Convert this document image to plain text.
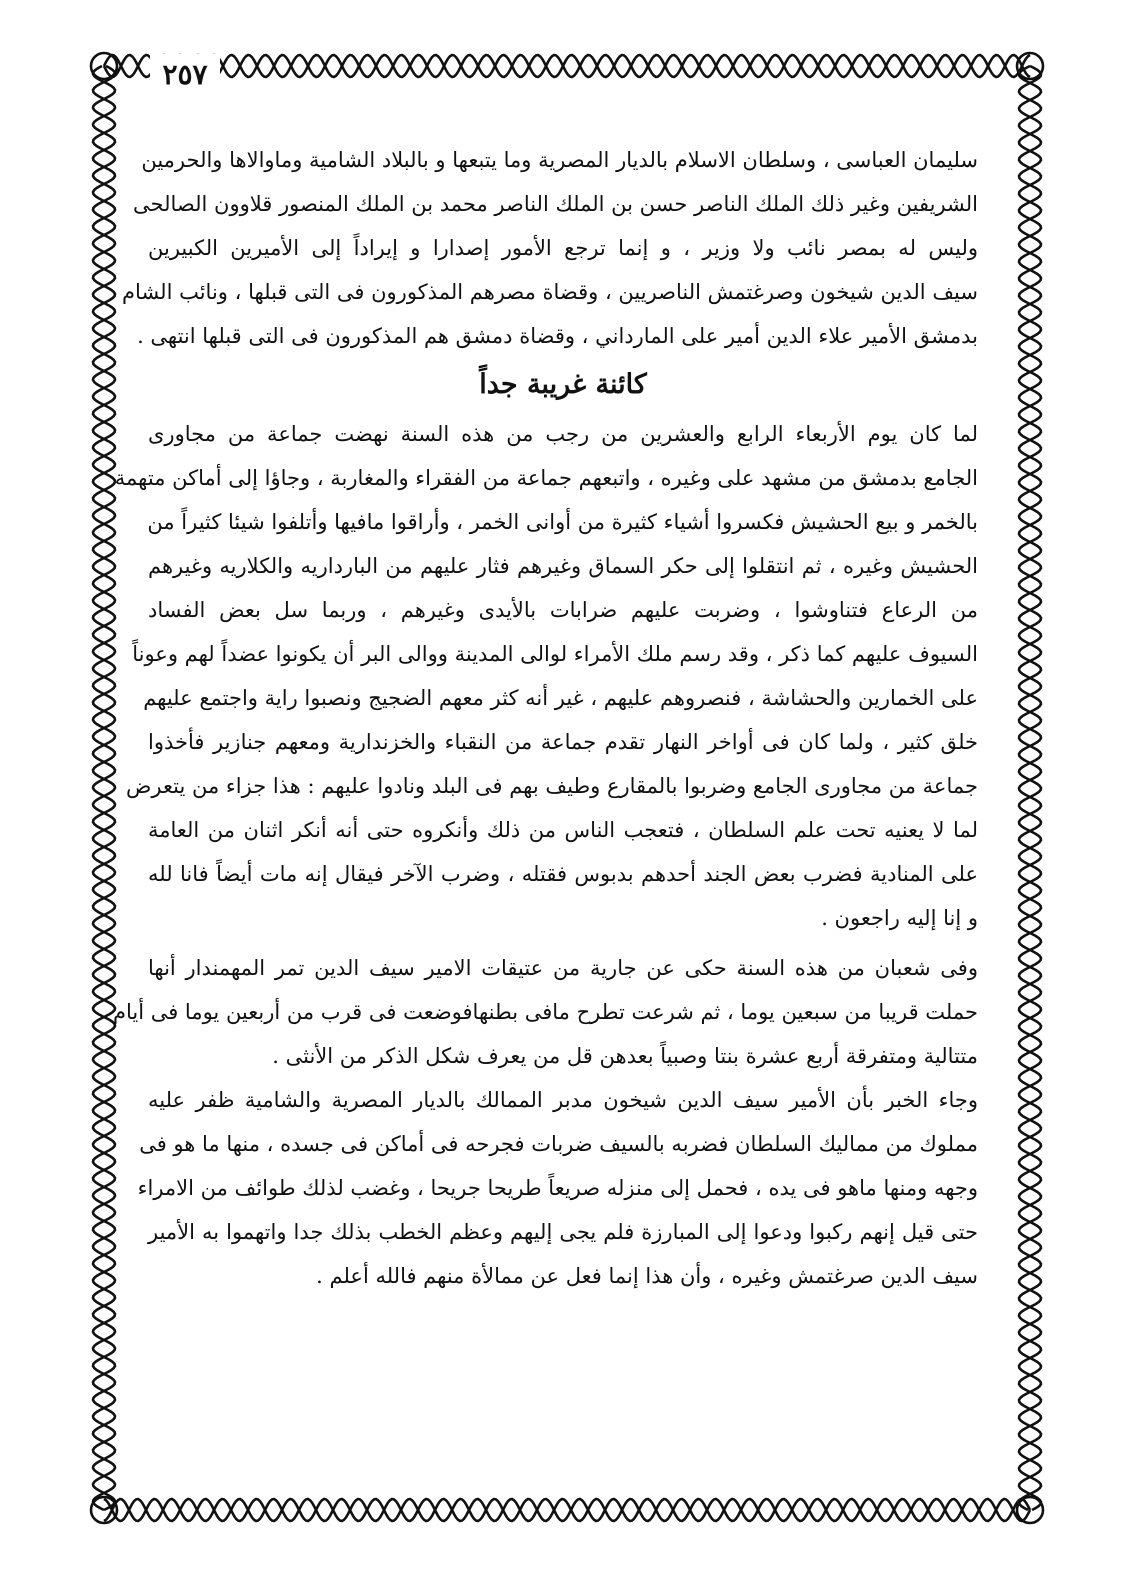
٢٥٧
سليمان العباسى ، وسلطان الاسلام بالديار المصرية وما يتبعها و بالبلاد الشامية وماوالاها والحرمين
الشريفين وغير ذلك الملك الناصر حسن بن الملك الناصر محمد بن الملك المنصور قلاوون الصالحى
وليس له بمصر نائب ولا وزير ، و إنما ترجع الأمور إصدارا و إيراداً إلى الأميرين الكبيرين
سيف الدين شيخون وصرغتمش الناصريين ، وقضاة مصرهم المذكورون فى التى قبلها ، ونائب الشام
بدمشق الأمير علاء الدين أمير على المارداني ، وقضاة دمشق هم المذكورون فى التى قبلها انتهى .
كائنة غريبة جداً
لما كان يوم الأربعاء الرابع والعشرين من رجب من هذه السنة نهضت جماعة من مجاورى
الجامع بدمشق من مشهد على وغيره ، واتبعهم جماعة من الفقراء والمغاربة ، وجاؤا إلى أماكن متهمة
بالخمر و بيع الحشيش فكسروا أشياء كثيرة من أوانى الخمر ، وأراقوا مافيها وأتلفوا شيئا كثيراً من
الحشيش وغيره ، ثم انتقلوا إلى حكر السماق وغيرهم فثار عليهم من البارداريه والكلاريه وغيرهم
من الرعاع فتناوشوا ، وضربت عليهم ضرابات بالأيدى وغيرهم ، وربما سل بعض الفساد
السيوف عليهم كما ذكر ، وقد رسم ملك الأمراء لوالى المدينة ووالى البر أن يكونوا عضداً لهم وعوناً
على الخمارين والحشاشة ، فنصروهم عليهم ، غير أنه كثر معهم الضجيج ونصبوا راية واجتمع عليهم
خلق كثير ، ولما كان فى أواخر النهار تقدم جماعة من النقباء والخزندارية ومعهم جنازير فأخذوا
جماعة من مجاورى الجامع وضربوا بالمقارع وطيف بهم فى البلد ونادوا عليهم : هذا جزاء من يتعرض
لما لا يعنيه تحت علم السلطان ، فتعجب الناس من ذلك وأنكروه حتى أنه أنكر اثنان من العامة
على المنادية فضرب بعض الجند أحدهم بدبوس فقتله ، وضرب الآخر فيقال إنه مات أيضاً فانا لله
و إنا إليه راجعون .
وفى شعبان من هذه السنة حكى عن جارية من عتيقات الامير سيف الدين تمر المهمندار أنها
حملت قريبا من سبعين يوما ، ثم شرعت تطرح مافى بطنهافوضعت فى قرب من أربعين يوما فى أيام
متتالية ومتفرقة أربع عشرة بنتا وصبياً بعدهن قل من يعرف شكل الذكر من الأنثى .
وجاء الخبر بأن الأمير سيف الدين شيخون مدبر الممالك بالديار المصرية والشامية ظفر عليه
مملوك من مماليك السلطان فضربه بالسيف ضربات فجرحه فى أماكن فى جسده ، منها ما هو فى
وجهه ومنها ماهو فى يده ، فحمل إلى منزله صريعاً طريحا جريحا ، وغضب لذلك طوائف من الامراء
حتى قيل إنهم ركبوا ودعوا إلى المبارزة فلم يجى إليهم وعظم الخطب بذلك جدا واتهموا به الأمير
سيف الدين صرغتمش وغيره ، وأن هذا إنما فعل عن ممالأة منهم فالله أعلم .
